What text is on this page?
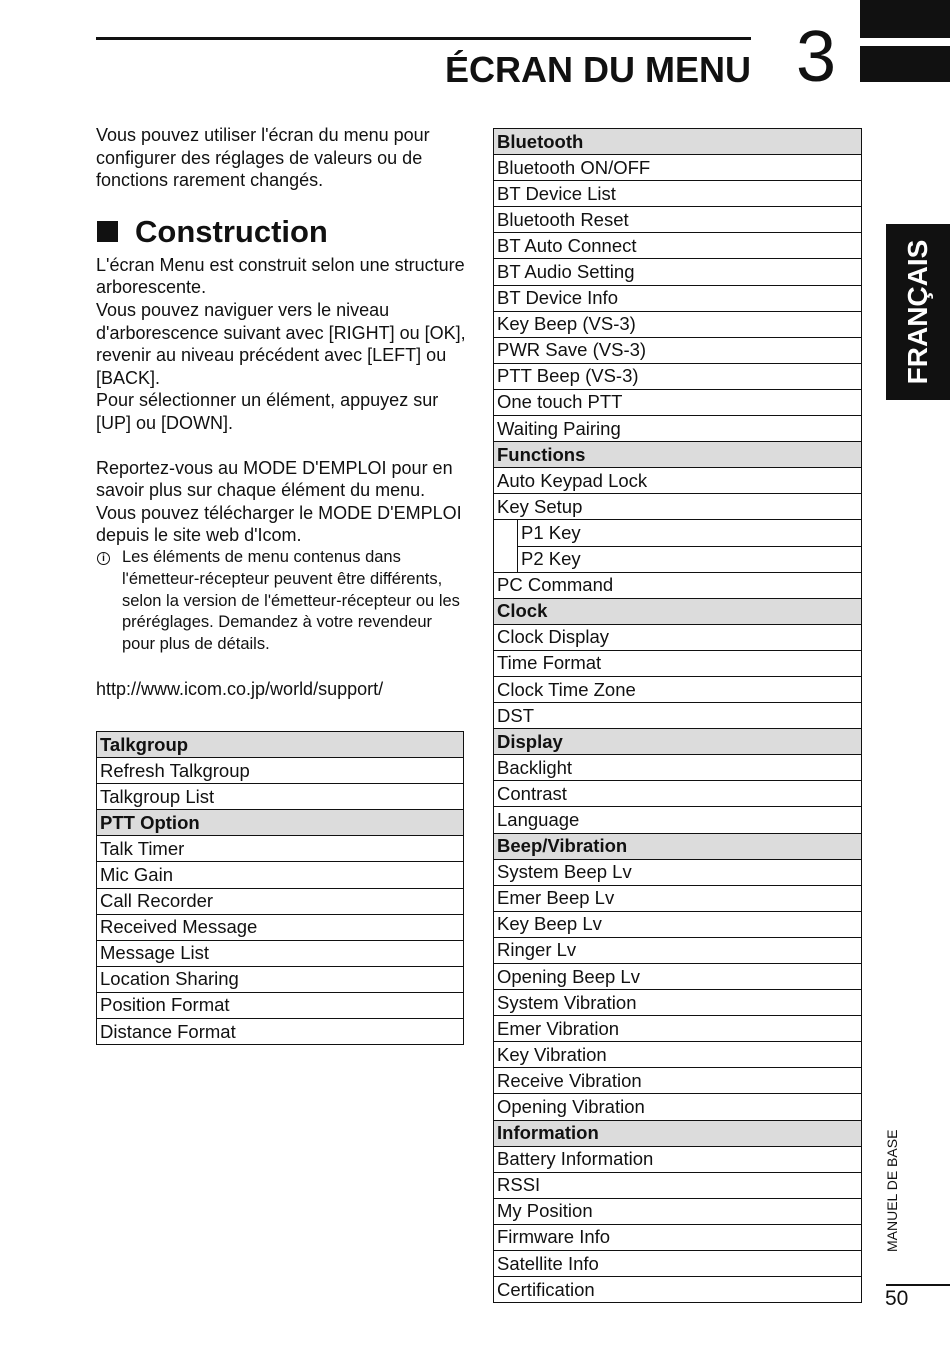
ÉCRAN DU MENU 3
FRANÇAIS
MANUEL DE BASE
50

Vous pouvez utiliser l'écran du menu pour configurer des réglages de valeurs ou de fonctions rarement changés.

Construction

L'écran Menu est construit selon une structure arborescente.

Vous pouvez naviguer vers le niveau d'arborescence suivant avec [RIGHT] ou [OK], revenir au niveau précédent avec [LEFT] ou [BACK].

Pour sélectionner un élément, appuyez sur [UP] ou [DOWN].

Reportez-vous au MODE D'EMPLOI pour en savoir plus sur chaque élément du menu. Vous pouvez télécharger le MODE D'EMPLOI depuis le site web d'Icom.

i	Les éléments de menu contenus dans l'émetteur-récepteur peuvent être différents, selon la version de l'émetteur-récepteur ou les préréglages. Demandez à votre revendeur pour plus de détails.

http://www.icom.co.jp/world/support/

Talkgroup
Refresh Talkgroup
Talkgroup List
PTT Option
Talk Timer
Mic Gain
Call Recorder
Received Message
Message List
Location Sharing
Position Format
Distance Format
Bluetooth	
Bluetooth ON/OFF	
BT Device List	
Bluetooth Reset	
BT Auto Connect	
BT Audio Setting	
BT Device Info	
Key Beep (VS-3)	
PWR Save (VS-3)	
PTT Beep (VS-3)	
One touch PTT	
Waiting Pairing	
Functions	
Auto Keypad Lock	
Key Setup	
	P1 Key
	P2 Key
PC Command	
Clock	
Clock Display	
Time Format	
Clock Time Zone	
DST	
Display	
Backlight	
Contrast	
Language	
Beep/Vibration	
System Beep Lv	
Emer Beep Lv	
Key Beep Lv	
Ringer Lv	
Opening Beep Lv	
System Vibration	
Emer Vibration	
Key Vibration	
Receive Vibration	
Opening Vibration	
Information	
Battery Information	
RSSI	
My Position	
Firmware Info	
Satellite Info	
Certification	
